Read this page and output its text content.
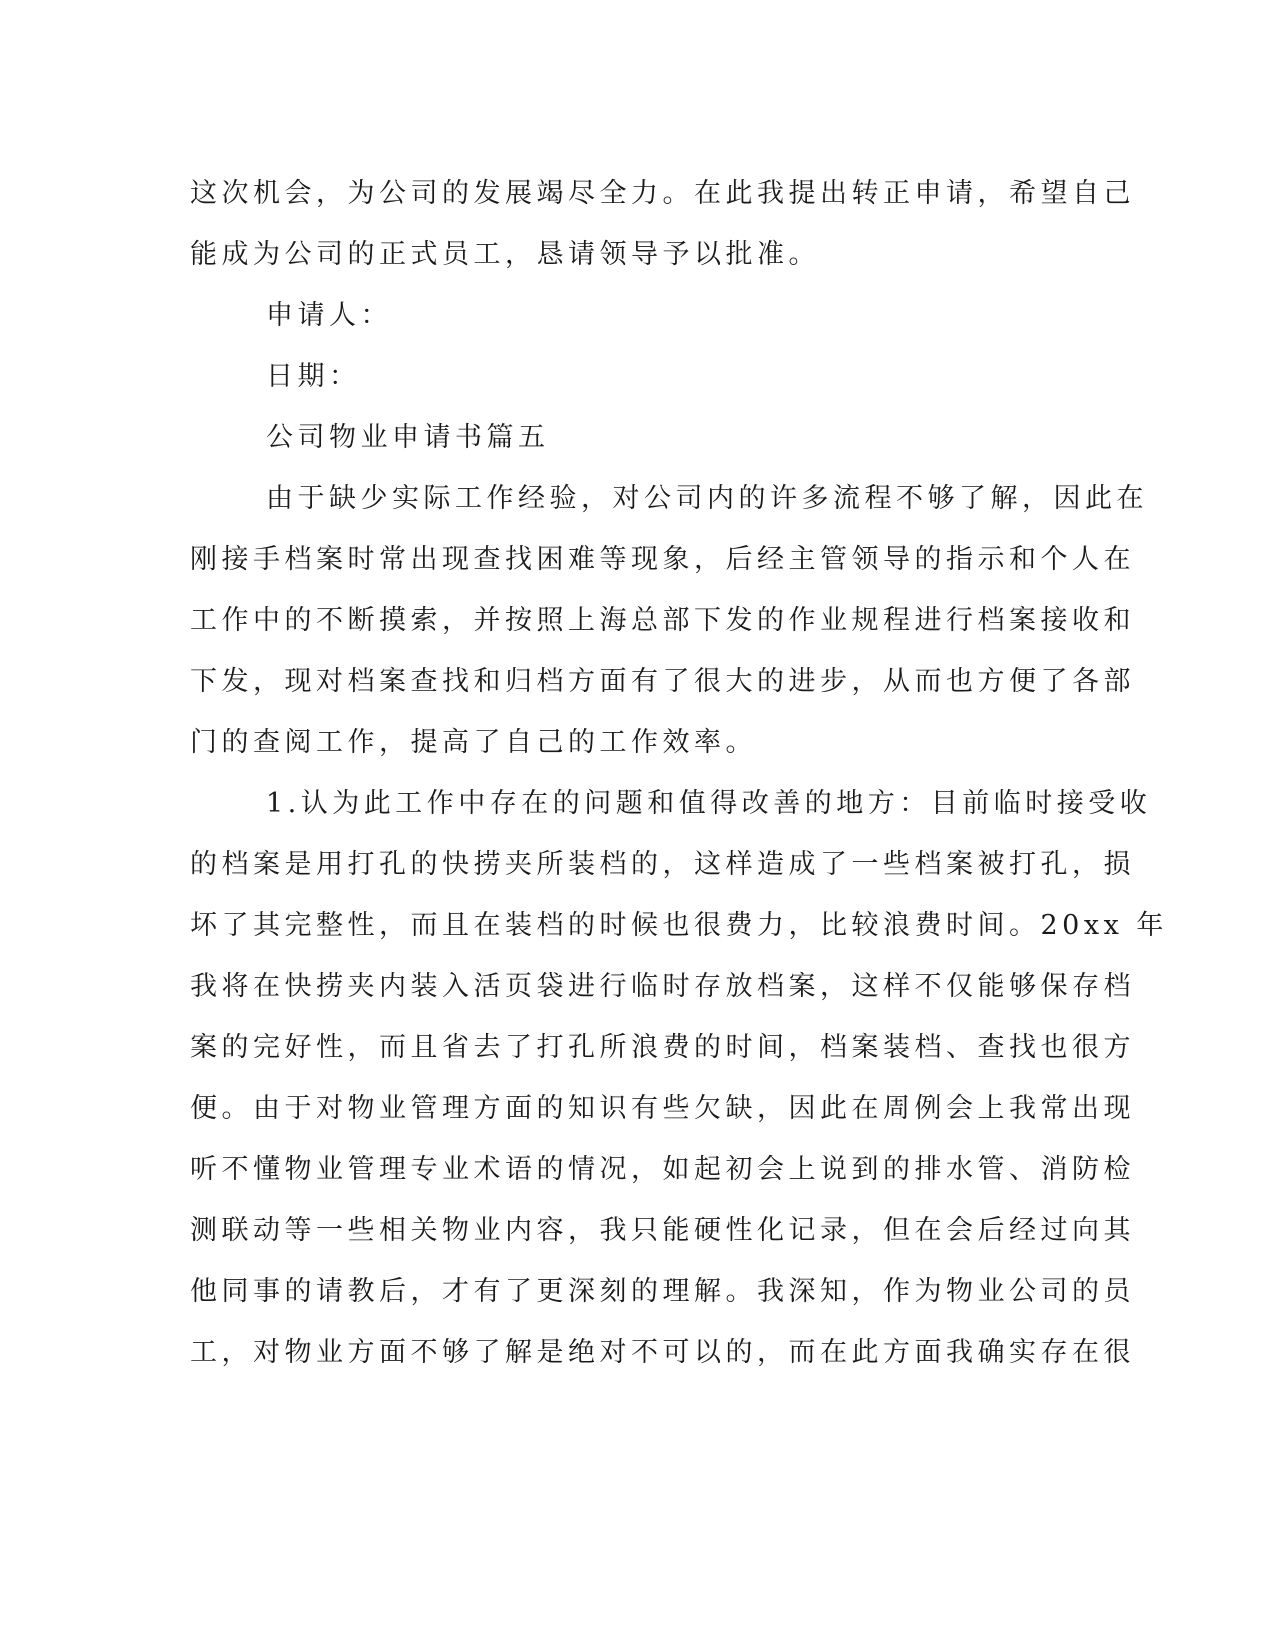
这次机会，为公司的发展竭尽全力。在此我提出转正申请，希望自己
能成为公司的正式员工，恳请领导予以批准。
申请人：
日期：
公司物业申请书篇五
由于缺少实际工作经验，对公司内的许多流程不够了解，因此在
刚接手档案时常出现查找困难等现象，后经主管领导的指示和个人在
工作中的不断摸索，并按照上海总部下发的作业规程进行档案接收和
下发，现对档案查找和归档方面有了很大的进步，从而也方便了各部
门的查阅工作，提高了自己的工作效率。
1.认为此工作中存在的问题和值得改善的地方：目前临时接受收
的档案是用打孔的快捞夹所装档的，这样造成了一些档案被打孔，损
坏了其完整性，而且在装档的时候也很费力，比较浪费时间。20xx 年
我将在快捞夹内装入活页袋进行临时存放档案，这样不仅能够保存档
案的完好性，而且省去了打孔所浪费的时间，档案装档、查找也很方
便。由于对物业管理方面的知识有些欠缺，因此在周例会上我常出现
听不懂物业管理专业术语的情况，如起初会上说到的排水管、消防检
测联动等一些相关物业内容，我只能硬性化记录，但在会后经过向其
他同事的请教后，才有了更深刻的理解。我深知，作为物业公司的员
工，对物业方面不够了解是绝对不可以的，而在此方面我确实存在很
